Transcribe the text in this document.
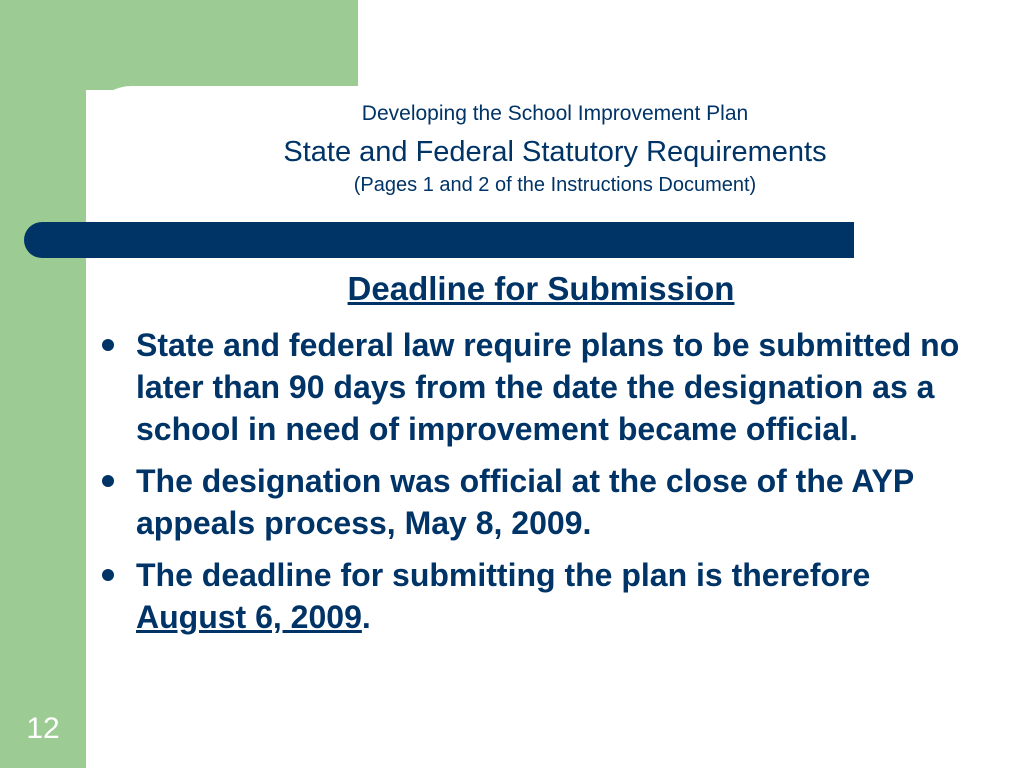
Developing the School Improvement Plan

State and Federal Statutory Requirements

(Pages 1 and 2 of the Instructions Document)

Deadline for Submission

State and federal law require plans to be submitted no later than 90 days from the date the designation as a school in need of improvement became official.
The designation was official at the close of the AYP appeals process, May 8, 2009.
The deadline for submitting the plan is therefore August 6, 2009.

12
